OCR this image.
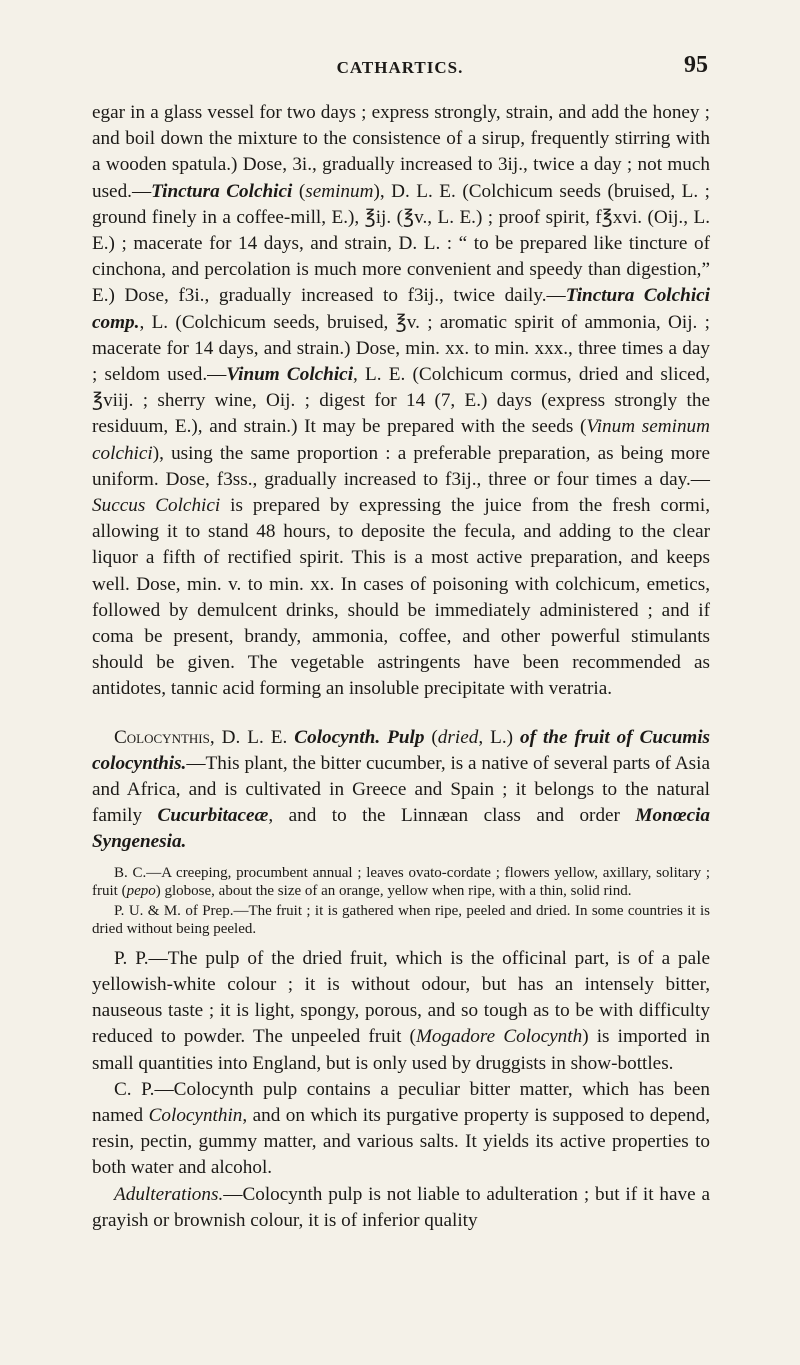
CATHARTICS.	95

egar in a glass vessel for two days ; express strongly, strain, and add the honey ; and boil down the mixture to the consistence of a sirup, frequently stirring with a wooden spatula.) Dose, 3i., gradually increased to 3ij., twice a day ; not much used.—Tinctura Colchici (seminum), D. L. E. (Colchicum seeds (bruised, L. ; ground finely in a coffee-mill, E.), ℥ij. (℥v., L. E.) ; proof spirit, f℥xvi. (Oij., L. E.) ; macerate for 14 days, and strain, D. L. : “ to be prepared like tincture of cinchona, and percolation is much more convenient and speedy than digestion,” E.) Dose, f3i., gradually increased to f3ij., twice daily.—Tinctura Colchici comp., L. (Colchicum seeds, bruised, ℥v. ; aromatic spirit of ammonia, Oij. ; macerate for 14 days, and strain.) Dose, min. xx. to min. xxx., three times a day ; seldom used.—Vinum Colchici, L. E. (Colchicum cormus, dried and sliced, ℥viij. ; sherry wine, Oij. ; digest for 14 (7, E.) days (express strongly the residuum, E.), and strain.) It may be prepared with the seeds (Vinum seminum colchici), using the same proportion : a preferable preparation, as being more uniform. Dose, f3ss., gradually increased to f3ij., three or four times a day.—Succus Colchici is prepared by expressing the juice from the fresh cormi, allowing it to stand 48 hours, to deposite the fecula, and adding to the clear liquor a fifth of rectified spirit. This is a most active preparation, and keeps well. Dose, min. v. to min. xx. In cases of poisoning with colchicum, emetics, followed by demulcent drinks, should be immediately administered ; and if coma be present, brandy, ammonia, coffee, and other powerful stimulants should be given. The vegetable astringents have been recommended as antidotes, tannic acid forming an insoluble precipitate with veratria.

Colocynthis, D. L. E. Colocynth. Pulp (dried, L.) of the fruit of Cucumis colocynthis.—This plant, the bitter cucumber, is a native of several parts of Asia and Africa, and is cultivated in Greece and Spain ; it belongs to the natural family Cucurbitaceæ, and to the Linnæan class and order Monœcia Syngenesia.

B. C.—A creeping, procumbent annual ; leaves ovato-cordate ; flowers yellow, axillary, solitary ; fruit (pepo) globose, about the size of an orange, yellow when ripe, with a thin, solid rind.

P. U. & M. of Prep.—The fruit ; it is gathered when ripe, peeled and dried. In some countries it is dried without being peeled.

P. P.—The pulp of the dried fruit, which is the officinal part, is of a pale yellowish-white colour ; it is without odour, but has an intensely bitter, nauseous taste ; it is light, spongy, porous, and so tough as to be with difficulty reduced to powder. The unpeeled fruit (Mogadore Colocynth) is imported in small quantities into England, but is only used by druggists in show-bottles.

C. P.—Colocynth pulp contains a peculiar bitter matter, which has been named Colocynthin, and on which its purgative property is supposed to depend, resin, pectin, gummy matter, and various salts. It yields its active properties to both water and alcohol.

Adulterations.—Colocynth pulp is not liable to adulteration ; but if it have a grayish or brownish colour, it is of inferior quality
